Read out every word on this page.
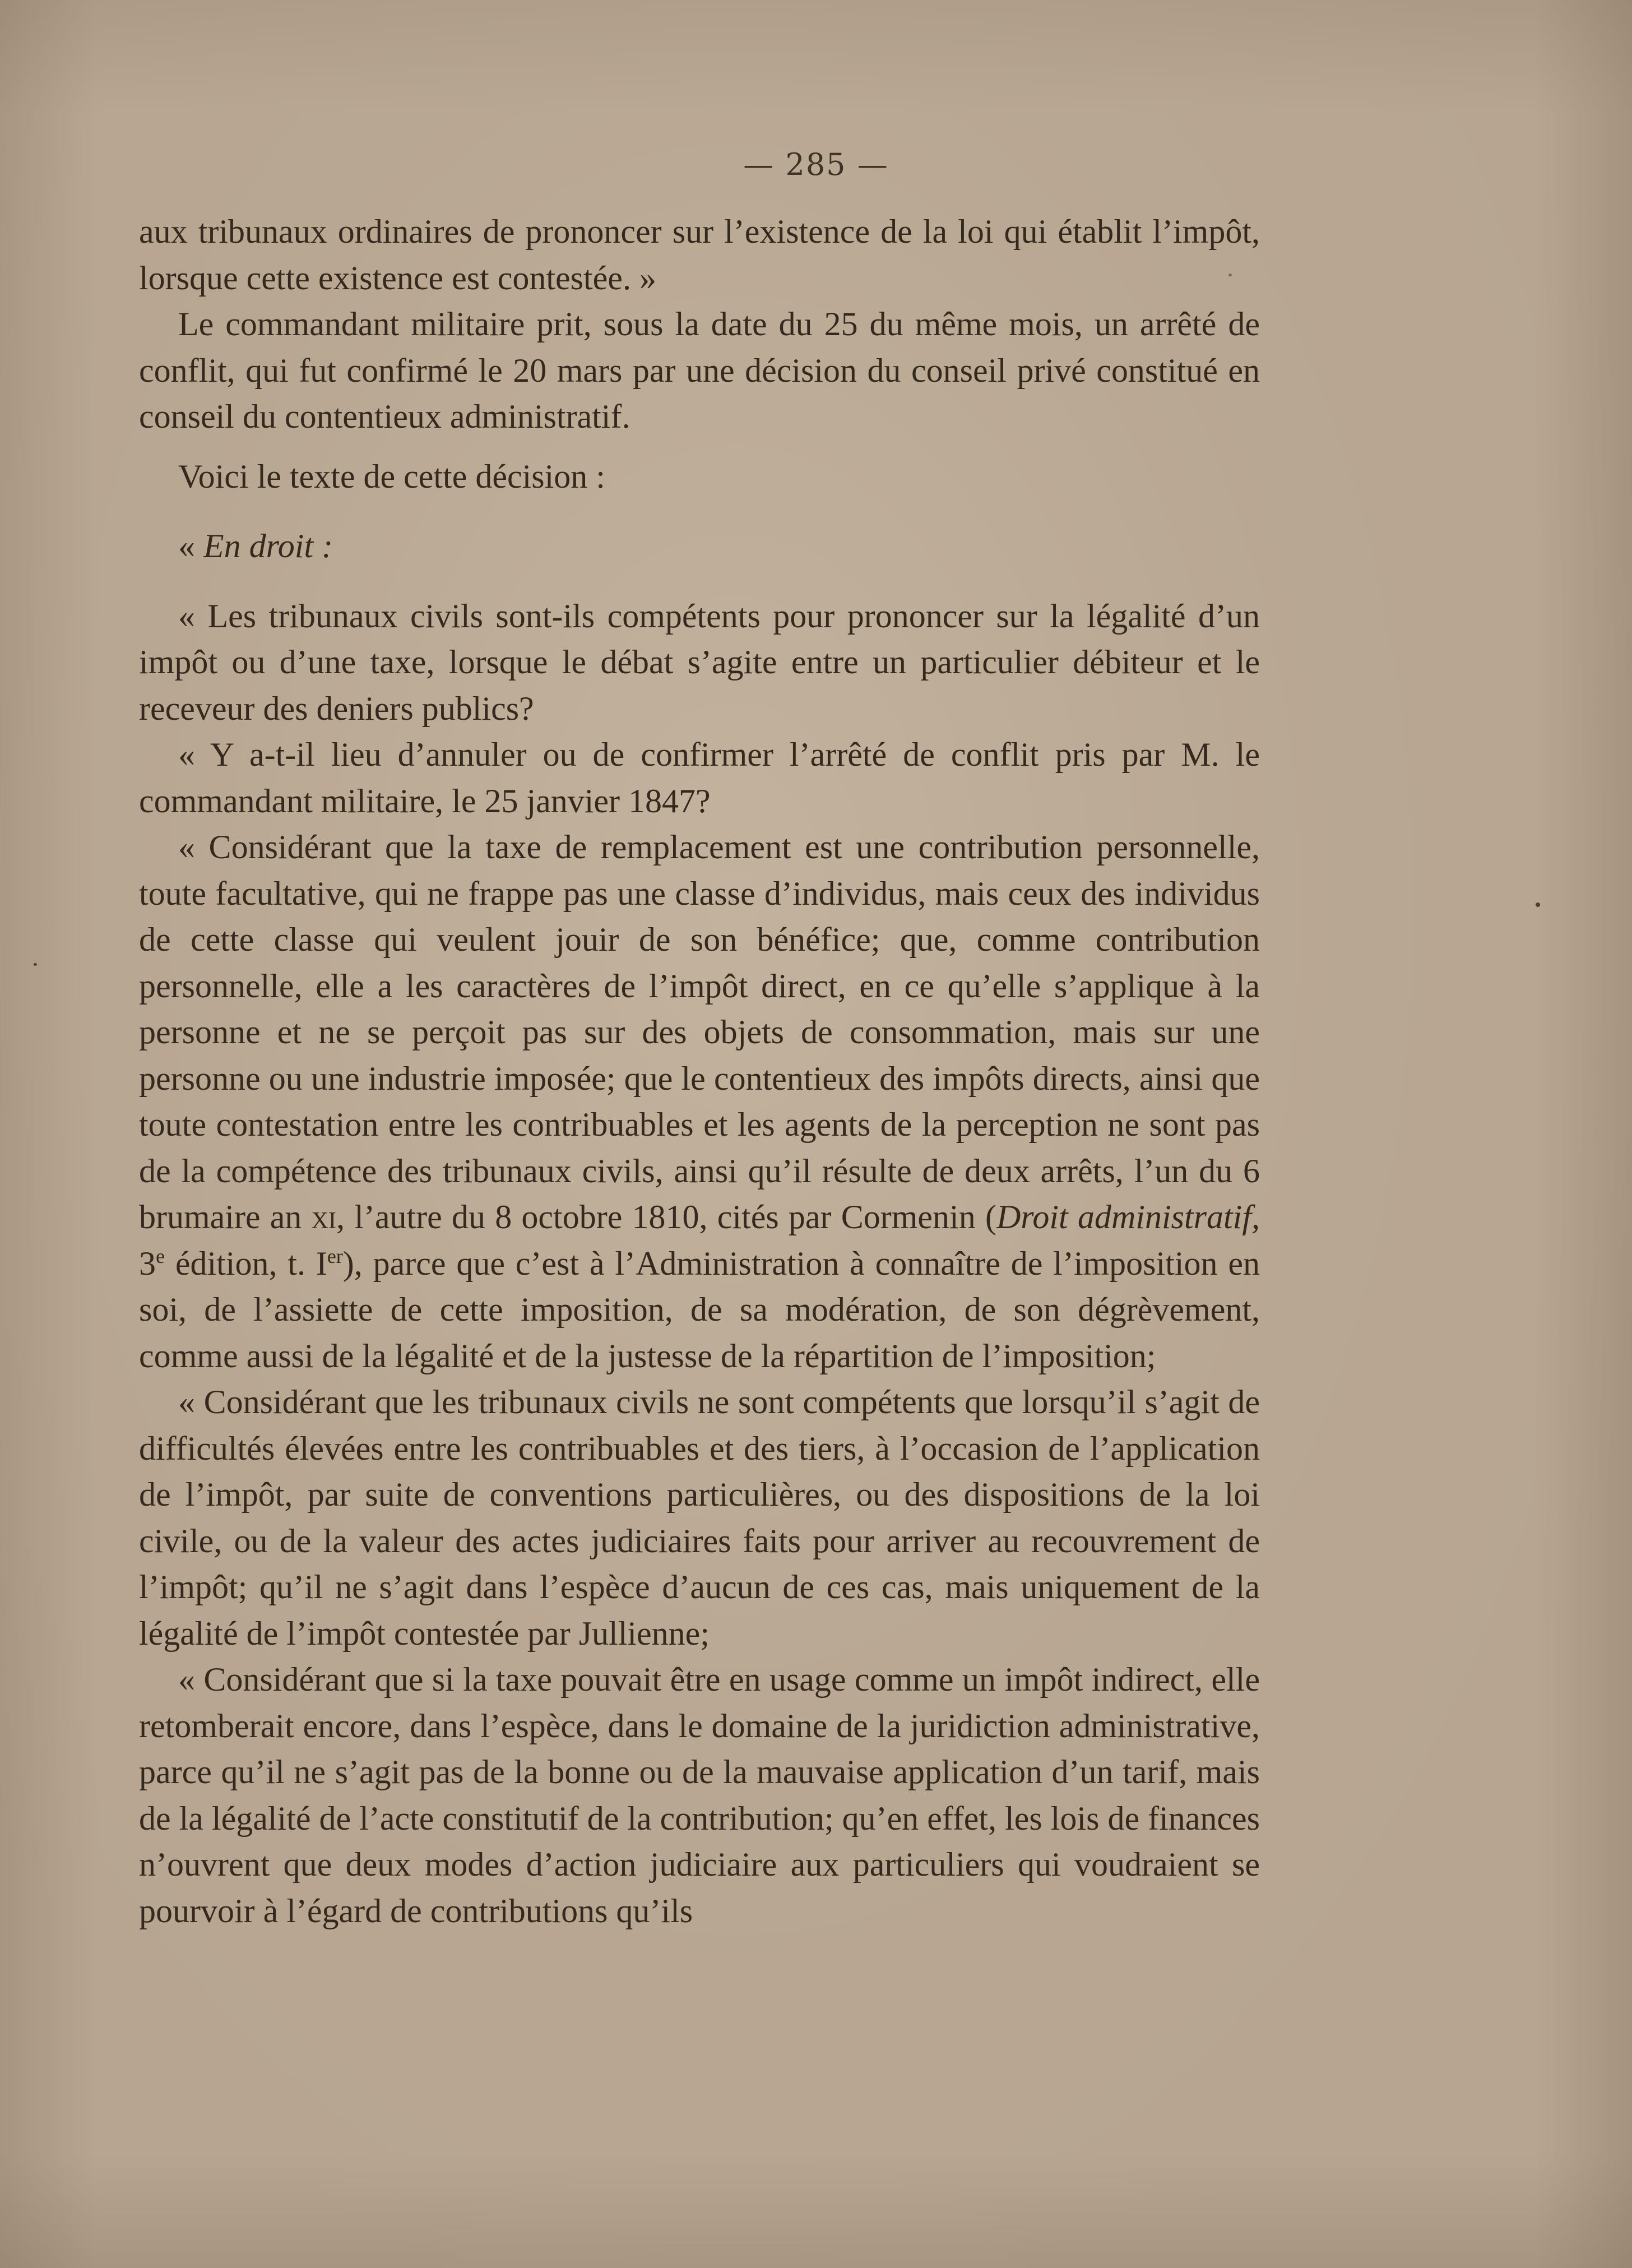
— 285 —

aux tribunaux ordinaires de prononcer sur l’existence de la loi qui établit l’impôt, lorsque cette existence est contestée. »

Le commandant militaire prit, sous la date du 25 du même mois, un arrêté de conflit, qui fut confirmé le 20 mars par une décision du conseil privé constitué en conseil du contentieux administratif.

Voici le texte de cette décision :

« En droit :

« Les tribunaux civils sont-ils compétents pour prononcer sur la légalité d’un impôt ou d’une taxe, lorsque le débat s’agite entre un particulier débiteur et le receveur des deniers publics?

« Y a-t-il lieu d’annuler ou de confirmer l’arrêté de conflit pris par M. le commandant militaire, le 25 janvier 1847?

« Considérant que la taxe de remplacement est une contribution personnelle, toute facultative, qui ne frappe pas une classe d’individus, mais ceux des individus de cette classe qui veulent jouir de son bénéfice; que, comme contribution personnelle, elle a les caractères de l’impôt direct, en ce qu’elle s’applique à la personne et ne se perçoit pas sur des objets de consommation, mais sur une personne ou une industrie imposée; que le contentieux des impôts directs, ainsi que toute contestation entre les contribuables et les agents de la perception ne sont pas de la compétence des tribunaux civils, ainsi qu’il résulte de deux arrêts, l’un du 6 brumaire an xi, l’autre du 8 octobre 1810, cités par Cormenin (Droit administratif, 3e édition, t. Ier), parce que c’est à l’Administration à connaître de l’imposition en soi, de l’assiette de cette imposition, de sa modération, de son dégrèvement, comme aussi de la légalité et de la justesse de la répartition de l’imposition;

« Considérant que les tribunaux civils ne sont compétents que lorsqu’il s’agit de difficultés élevées entre les contribuables et des tiers, à l’occasion de l’application de l’impôt, par suite de conventions particulières, ou des dispositions de la loi civile, ou de la valeur des actes judiciaires faits pour arriver au recouvrement de l’impôt; qu’il ne s’agit dans l’espèce d’aucun de ces cas, mais uniquement de la légalité de l’impôt contestée par Jullienne;

« Considérant que si la taxe pouvait être en usage comme un impôt indirect, elle retomberait encore, dans l’espèce, dans le domaine de la juridiction administrative, parce qu’il ne s’agit pas de la bonne ou de la mauvaise application d’un tarif, mais de la légalité de l’acte constitutif de la contribution; qu’en effet, les lois de finances n’ouvrent que deux modes d’action judiciaire aux particuliers qui voudraient se pourvoir à l’égard de contributions qu’ils
